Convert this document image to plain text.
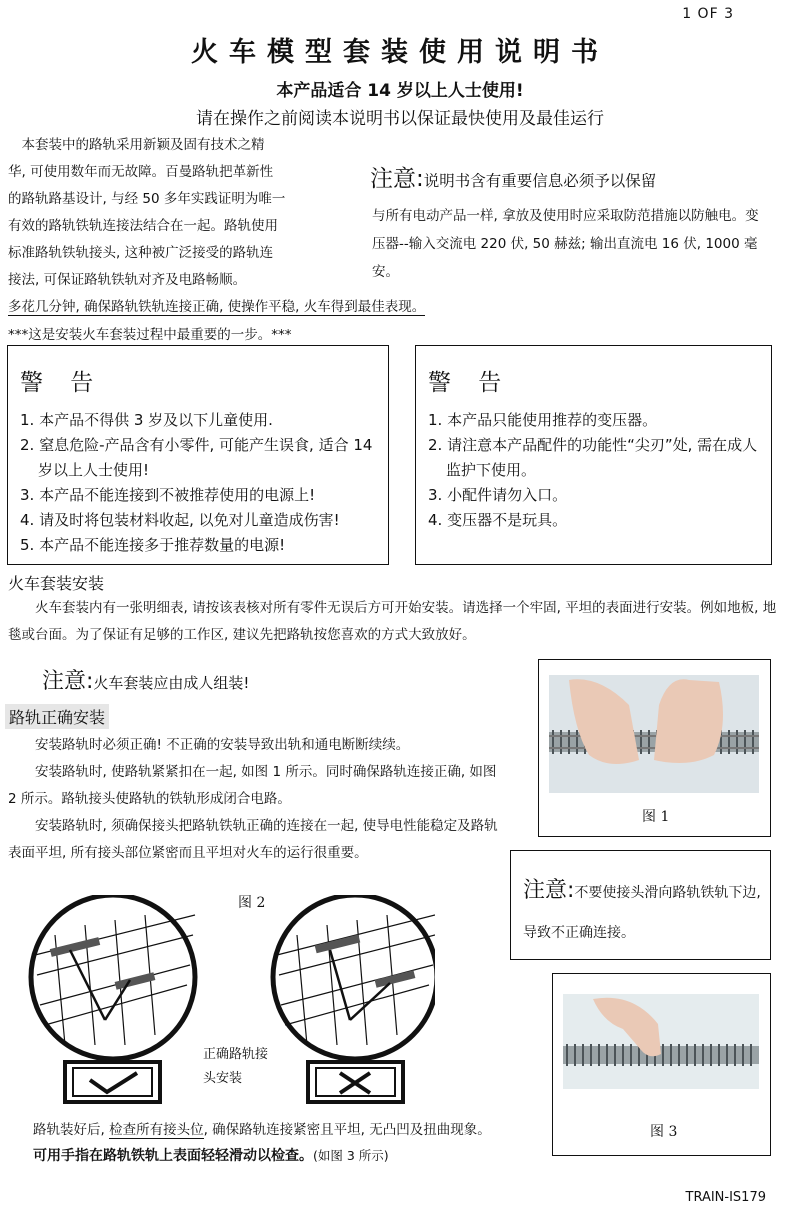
1 OF 3
火车模型套装使用说明书
本产品适合 14 岁以上人士使用!
请在操作之前阅读本说明书以保证最快使用及最佳运行

　本套装中的路轨采用新颖及固有技术之精

华, 可使用数年而无故障。百曼路轨把革新性

的路轨路基设计, 与经 50 多年实践证明为唯一

有效的路轨铁轨连接法结合在一起。路轨使用

标准路轨铁轨接头, 这种被广泛接受的路轨连

接法, 可保证路轨铁轨对齐及电路畅顺。

注意:说明书含有重要信息必须予以保留
与所有电动产品一样, 拿放及使用时应采取防范措施以防触电。变压器--输入交流电 220 伏, 50 赫兹; 输出直流电 16 伏, 1000 毫安。
多花几分钟, 确保路轨铁轨连接正确, 使操作平稳, 火车得到最佳表现。
***这是安装火车套装过程中最重要的一步。***
警 告
1. 本产品不得供 3 岁及以下儿童使用.
2. 窒息危险-产品含有小零件, 可能产生误食, 适合 14 岁以上人士使用!
3. 本产品不能连接到不被推荐使用的电源上!
4. 请及时将包装材料收起, 以免对儿童造成伤害!
5. 本产品不能连接多于推荐数量的电源!
警 告
1. 本产品只能使用推荐的变压器。
2. 请注意本产品配件的功能性“尖刃”处, 需在成人监护下使用。
3. 小配件请勿入口。
4. 变压器不是玩具。
火车套装安装
　　火车套装内有一张明细表, 请按该表核对所有零件无误后方可开始安装。请选择一个牢固, 平坦的表面进行安装。例如地板, 地毯或台面。为了保证有足够的工作区, 建议先把路轨按您喜欢的方式大致放好。
注意:火车套装应由成人组装!
路轨正确安装
　　安装路轨时必须正确! 不正确的安装导致出轨和通电断断续续。
　　安装路轨时, 使路轨紧紧扣在一起, 如图 1 所示。同时确保路轨连接正确, 如图 2 所示。路轨接头使路轨的铁轨形成闭合电路。
　　安装路轨时, 须确保接头把路轨铁轨正确的连接在一起, 使导电性能稳定及路轨表面平坦, 所有接头部位紧密而且平坦对火车的运行很重要。
图 1
注意:不要使接头滑向路轨铁轨下边, 导致不正确连接。
图 3
图 2
正确路轨接头安装
路轨装好后, 检查所有接头位, 确保路轨连接紧密且平坦, 无凸凹及扭曲现象。
可用手指在路轨铁轨上表面轻轻滑动以检查。(如图 3 所示)
TRAIN-IS179
